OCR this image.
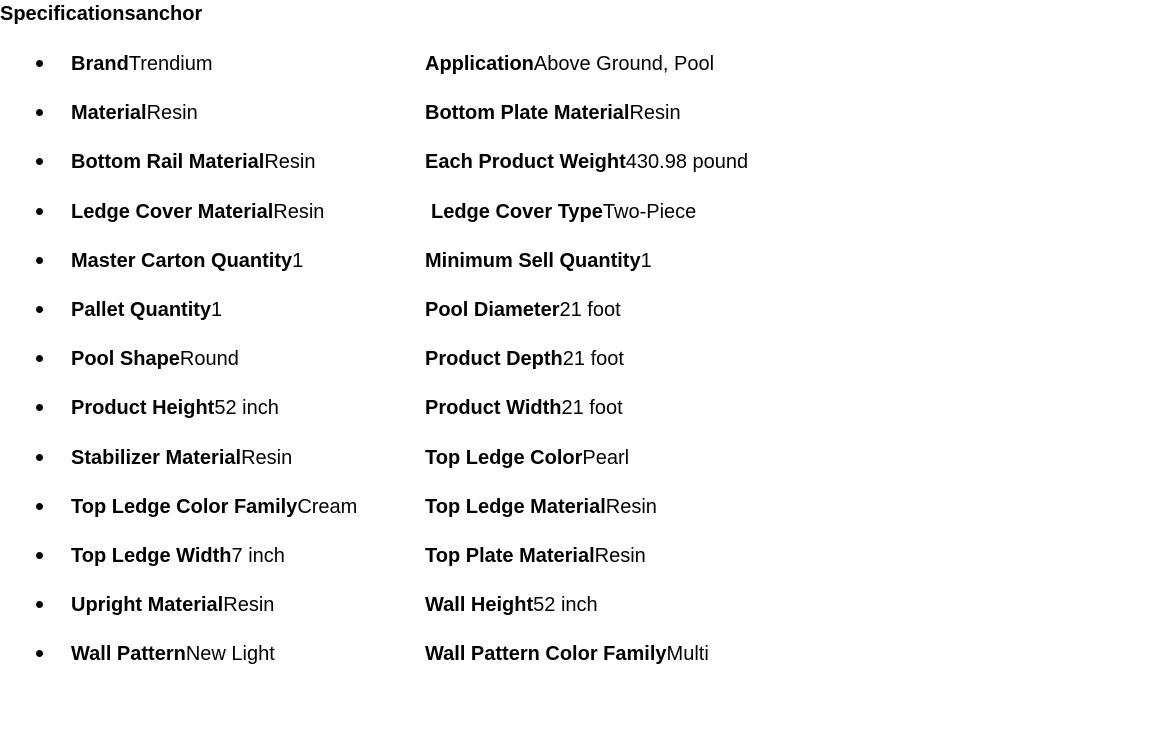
Specificationsanchor
BrandTrendium	ApplicationAbove Ground, Pool
MaterialResin	Bottom Plate MaterialResin
Bottom Rail MaterialResin	Each Product Weight430.98 pound
Ledge Cover MaterialResin	Ledge Cover TypeTwo-Piece
Master Carton Quantity1	Minimum Sell Quantity1
Pallet Quantity1	Pool Diameter21 foot
Pool ShapeRound	Product Depth21 foot
Product Height52 inch	Product Width21 foot
Stabilizer MaterialResin	Top Ledge ColorPearl
Top Ledge Color FamilyCream	Top Ledge MaterialResin
Top Ledge Width7 inch	Top Plate MaterialResin
Upright MaterialResin	Wall Height52 inch
Wall PatternNew Light	Wall Pattern Color FamilyMulti
